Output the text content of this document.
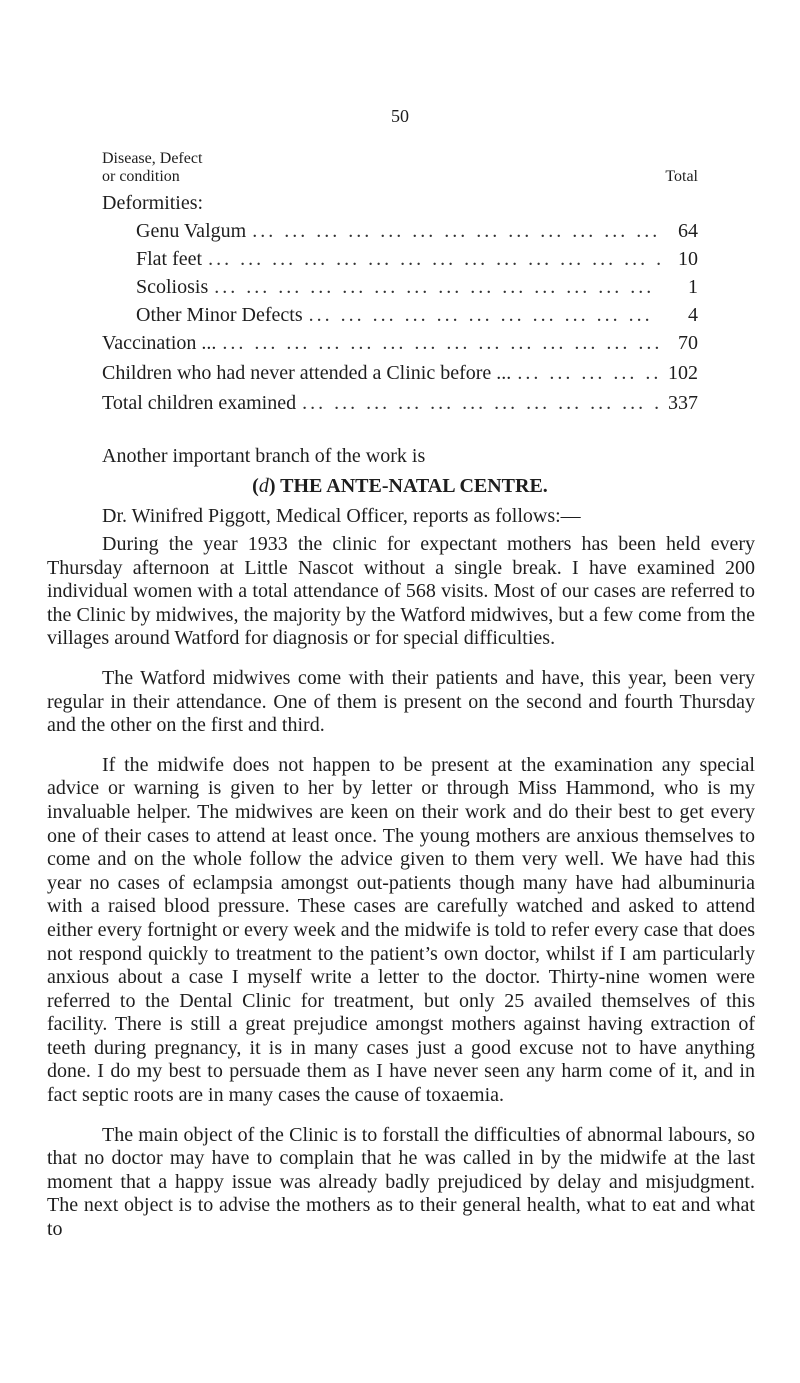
50
Disease, Defect
or condition	Total
Deformities:
Genu Valgum ...	64
Flat feet ...	10
Scoliosis ...	1
Other Minor Defects ...	4
Vaccination ... ...	70
Children who had never attended a Clinic before ... ...	102
Total children examined ...	337

Another important branch of the work is

(d) THE ANTE-NATAL CENTRE.

Dr. Winifred Piggott, Medical Officer, reports as follows:—

During the year 1933 the clinic for expectant mothers has been held every Thursday afternoon at Little Nascot without a single break. I have examined 200 individual women with a total attendance of 568 visits. Most of our cases are referred to the Clinic by midwives, the majority by the Watford midwives, but a few come from the villages around Watford for diagnosis or for special difficulties.

The Watford midwives come with their patients and have, this year, been very regular in their attendance. One of them is present on the second and fourth Thursday and the other on the first and third.

If the midwife does not happen to be present at the examination any special advice or warning is given to her by letter or through Miss Hammond, who is my invaluable helper. The midwives are keen on their work and do their best to get every one of their cases to attend at least once. The young mothers are anxious themselves to come and on the whole follow the advice given to them very well. We have had this year no cases of eclampsia amongst out-patients though many have had albuminuria with a raised blood pressure. These cases are carefully watched and asked to attend either every fortnight or every week and the midwife is told to refer every case that does not respond quickly to treatment to the patient’s own doctor, whilst if I am particularly anxious about a case I myself write a letter to the doctor. Thirty-nine women were referred to the Dental Clinic for treatment, but only 25 availed themselves of this facility. There is still a great prejudice amongst mothers against having extraction of teeth during pregnancy, it is in many cases just a good excuse not to have anything done. I do my best to persuade them as I have never seen any harm come of it, and in fact septic roots are in many cases the cause of toxaemia.

The main object of the Clinic is to forstall the difficulties of abnormal labours, so that no doctor may have to complain that he was called in by the midwife at the last moment that a happy issue was already badly prejudiced by delay and misjudgment. The next object is to advise the mothers as to their general health, what to eat and what to
